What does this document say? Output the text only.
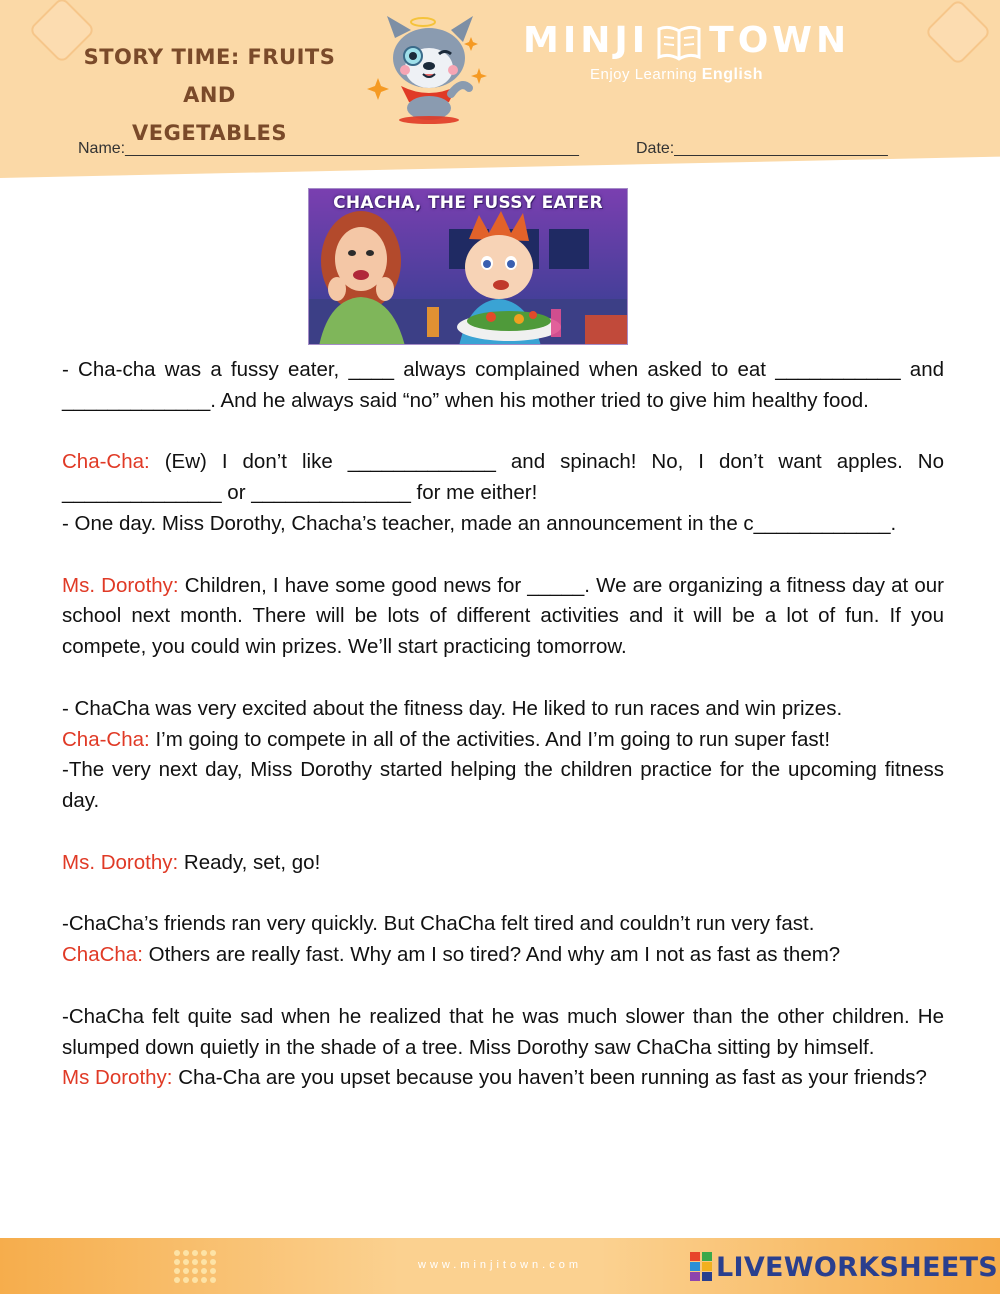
STORY TIME: FRUITS AND
VEGETABLES
MINJI TOWN
Enjoy Learning English
Name:___________________________________________________	Date:________________________
CHACHA, THE FUSSY EATER

- Cha-cha was a fussy eater, ____ always complained when asked to eat ___________ and _____________. And he always said “no” when his mother tried to give him healthy food.

Cha-Cha: (Ew) I don’t like _____________ and spinach! No, I don’t want apples. No ______________ or ______________ for me either!

- One day. Miss Dorothy, Chacha’s teacher, made an announcement in the c____________.

Ms. Dorothy: Children, I have some good news for _____. We are organizing a fitness day at our school next month. There will be lots of different activities and it will be a lot of fun. If you compete, you could win prizes. We’ll start practicing tomorrow.

- ChaCha was very excited about the fitness day. He liked to run races and win prizes.

Cha-Cha: I’m going to compete in all of the activities. And I’m going to run super fast!

-The very next day, Miss Dorothy started helping the children practice for the upcoming fitness day.

Ms. Dorothy: Ready, set, go!

-ChaCha’s friends ran very quickly. But ChaCha felt tired and couldn’t run very fast.

ChaCha: Others are really fast. Why am I so tired? And why am I not as fast as them?

-ChaCha felt quite sad when he realized that he was much slower than the other children. He slumped down quietly in the shade of a tree. Miss Dorothy saw ChaCha sitting by himself.

Ms Dorothy: Cha-Cha are you upset because you haven’t been running as fast as your friends?

www.minjitown.com	LIVEWORKSHEETS
